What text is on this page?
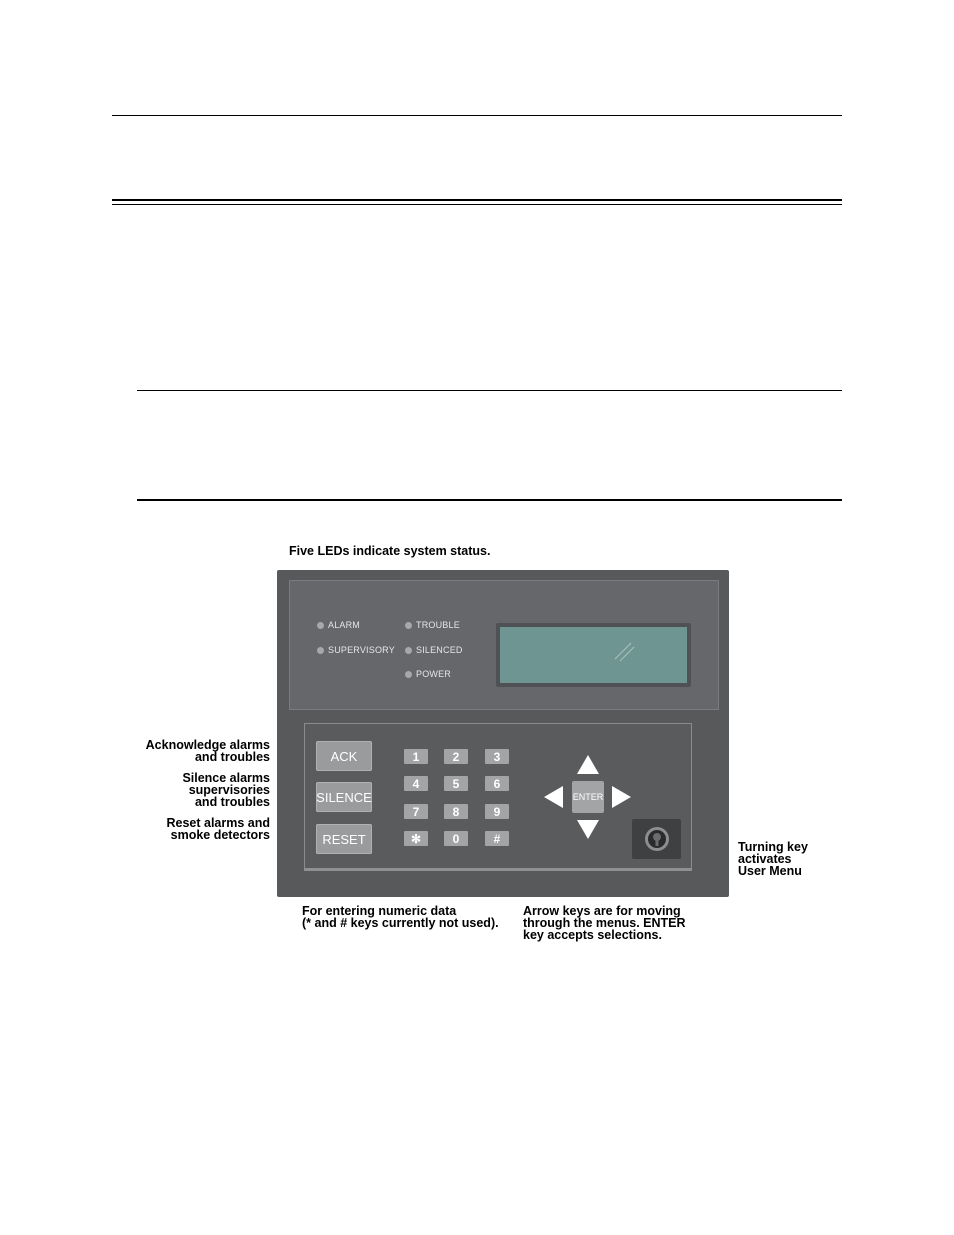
Five LEDs indicate system status.
ALARM
SUPERVISORY
TROUBLE
SILENCED
POWER
ACK
SILENCE
RESET
1	2	3
4	5	6
7	8	9
✻	0	#
ENTER
Acknowledge alarms
and troubles
Silence alarms
supervisories
and troubles
Reset alarms and
smoke detectors
Turning key
activates
User Menu
For entering numeric data
(* and # keys currently not used).
Arrow keys are for moving
through the menus. ENTER
key accepts selections.
